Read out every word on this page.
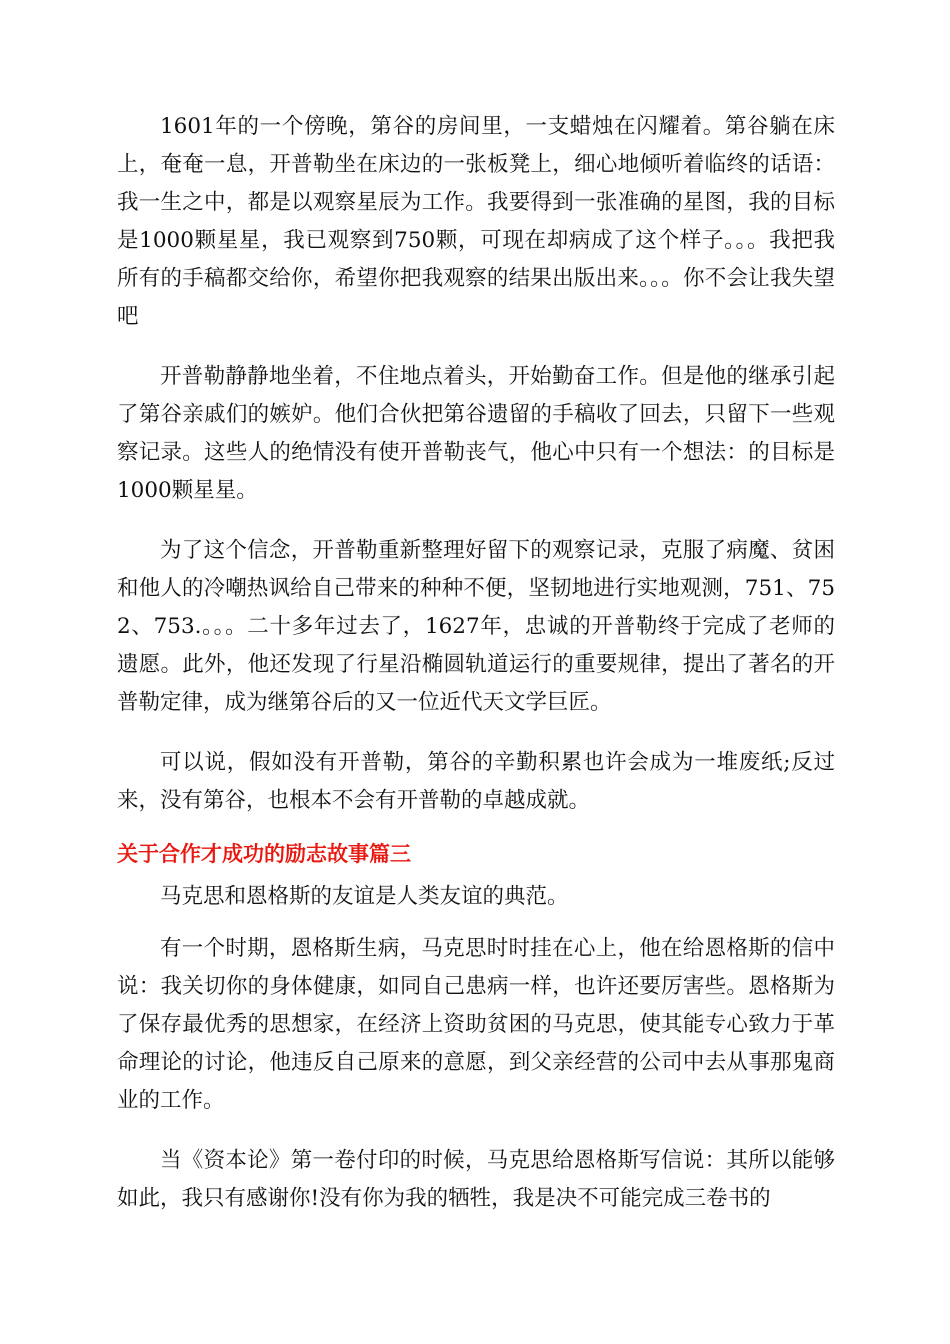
1601年的一个傍晚，第谷的房间里，一支蜡烛在闪耀着。第谷躺在床上，奄奄一息，开普勒坐在床边的一张板凳上，细心地倾听着临终的话语：我一生之中，都是以观察星辰为工作。我要得到一张准确的星图，我的目标是1000颗星星，我已观察到750颗，可现在却病成了这个样子。。。我把我所有的手稿都交给你，希望你把我观察的结果出版出来。。。你不会让我失望吧

开普勒静静地坐着，不住地点着头，开始勤奋工作。但是他的继承引起了第谷亲戚们的嫉妒。他们合伙把第谷遗留的手稿收了回去，只留下一些观察记录。这些人的绝情没有使开普勒丧气，他心中只有一个想法：的目标是1000颗星星。

为了这个信念，开普勒重新整理好留下的观察记录，克服了病魔、贫困和他人的冷嘲热讽给自己带来的种种不便，坚韧地进行实地观测，751、752、753.。。。二十多年过去了，1627年，忠诚的开普勒终于完成了老师的遗愿。此外，他还发现了行星沿椭圆轨道运行的重要规律，提出了著名的开普勒定律，成为继第谷后的又一位近代天文学巨匠。

可以说，假如没有开普勒，第谷的辛勤积累也许会成为一堆废纸;反过来，没有第谷，也根本不会有开普勒的卓越成就。

关于合作才成功的励志故事篇三

马克思和恩格斯的友谊是人类友谊的典范。

有一个时期，恩格斯生病，马克思时时挂在心上，他在给恩格斯的信中说：我关切你的身体健康，如同自己患病一样，也许还要厉害些。恩格斯为了保存最优秀的思想家，在经济上资助贫困的马克思，使其能专心致力于革命理论的讨论，他违反自己原来的意愿，到父亲经营的公司中去从事那鬼商业的工作。

当《资本论》第一卷付印的时候，马克思给恩格斯写信说：其所以能够如此，我只有感谢你!没有你为我的牺牲，我是决不可能完成三卷书的
